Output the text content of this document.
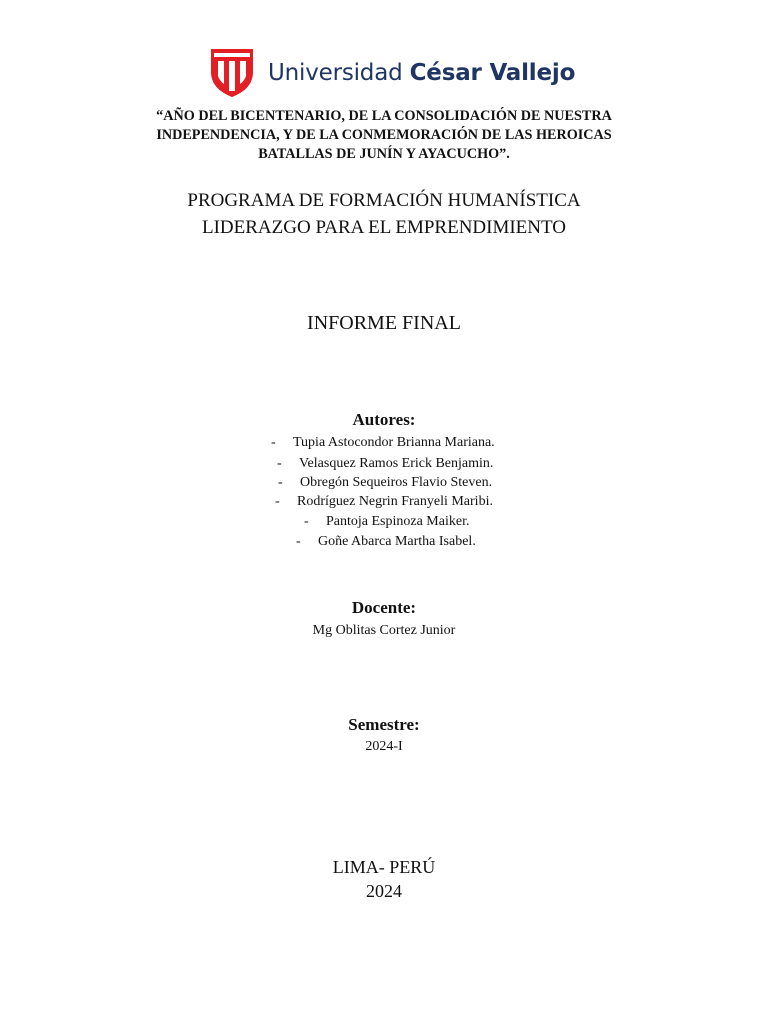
Universidad César Vallejo
“AÑO DEL BICENTENARIO, DE LA CONSOLIDACIÓN DE NUESTRA
INDEPENDENCIA, Y DE LA CONMEMORACIÓN DE LAS HEROICAS
BATALLAS DE JUNÍN Y AYACUCHO”.
PROGRAMA DE FORMACIÓN HUMANÍSTICA
LIDERAZGO PARA EL EMPRENDIMIENTO
INFORME FINAL
Autores:
- Tupia Astocondor Brianna Mariana.
- Velasquez Ramos Erick Benjamin.
- Obregón Sequeiros Flavio Steven.
- Rodríguez Negrin Franyeli Maribi.
- Pantoja Espinoza Maiker.
- Goñe Abarca Martha Isabel.
Docente:
Mg Oblitas Cortez Junior
Semestre:
2024-I
LIMA- PERÚ
2024
